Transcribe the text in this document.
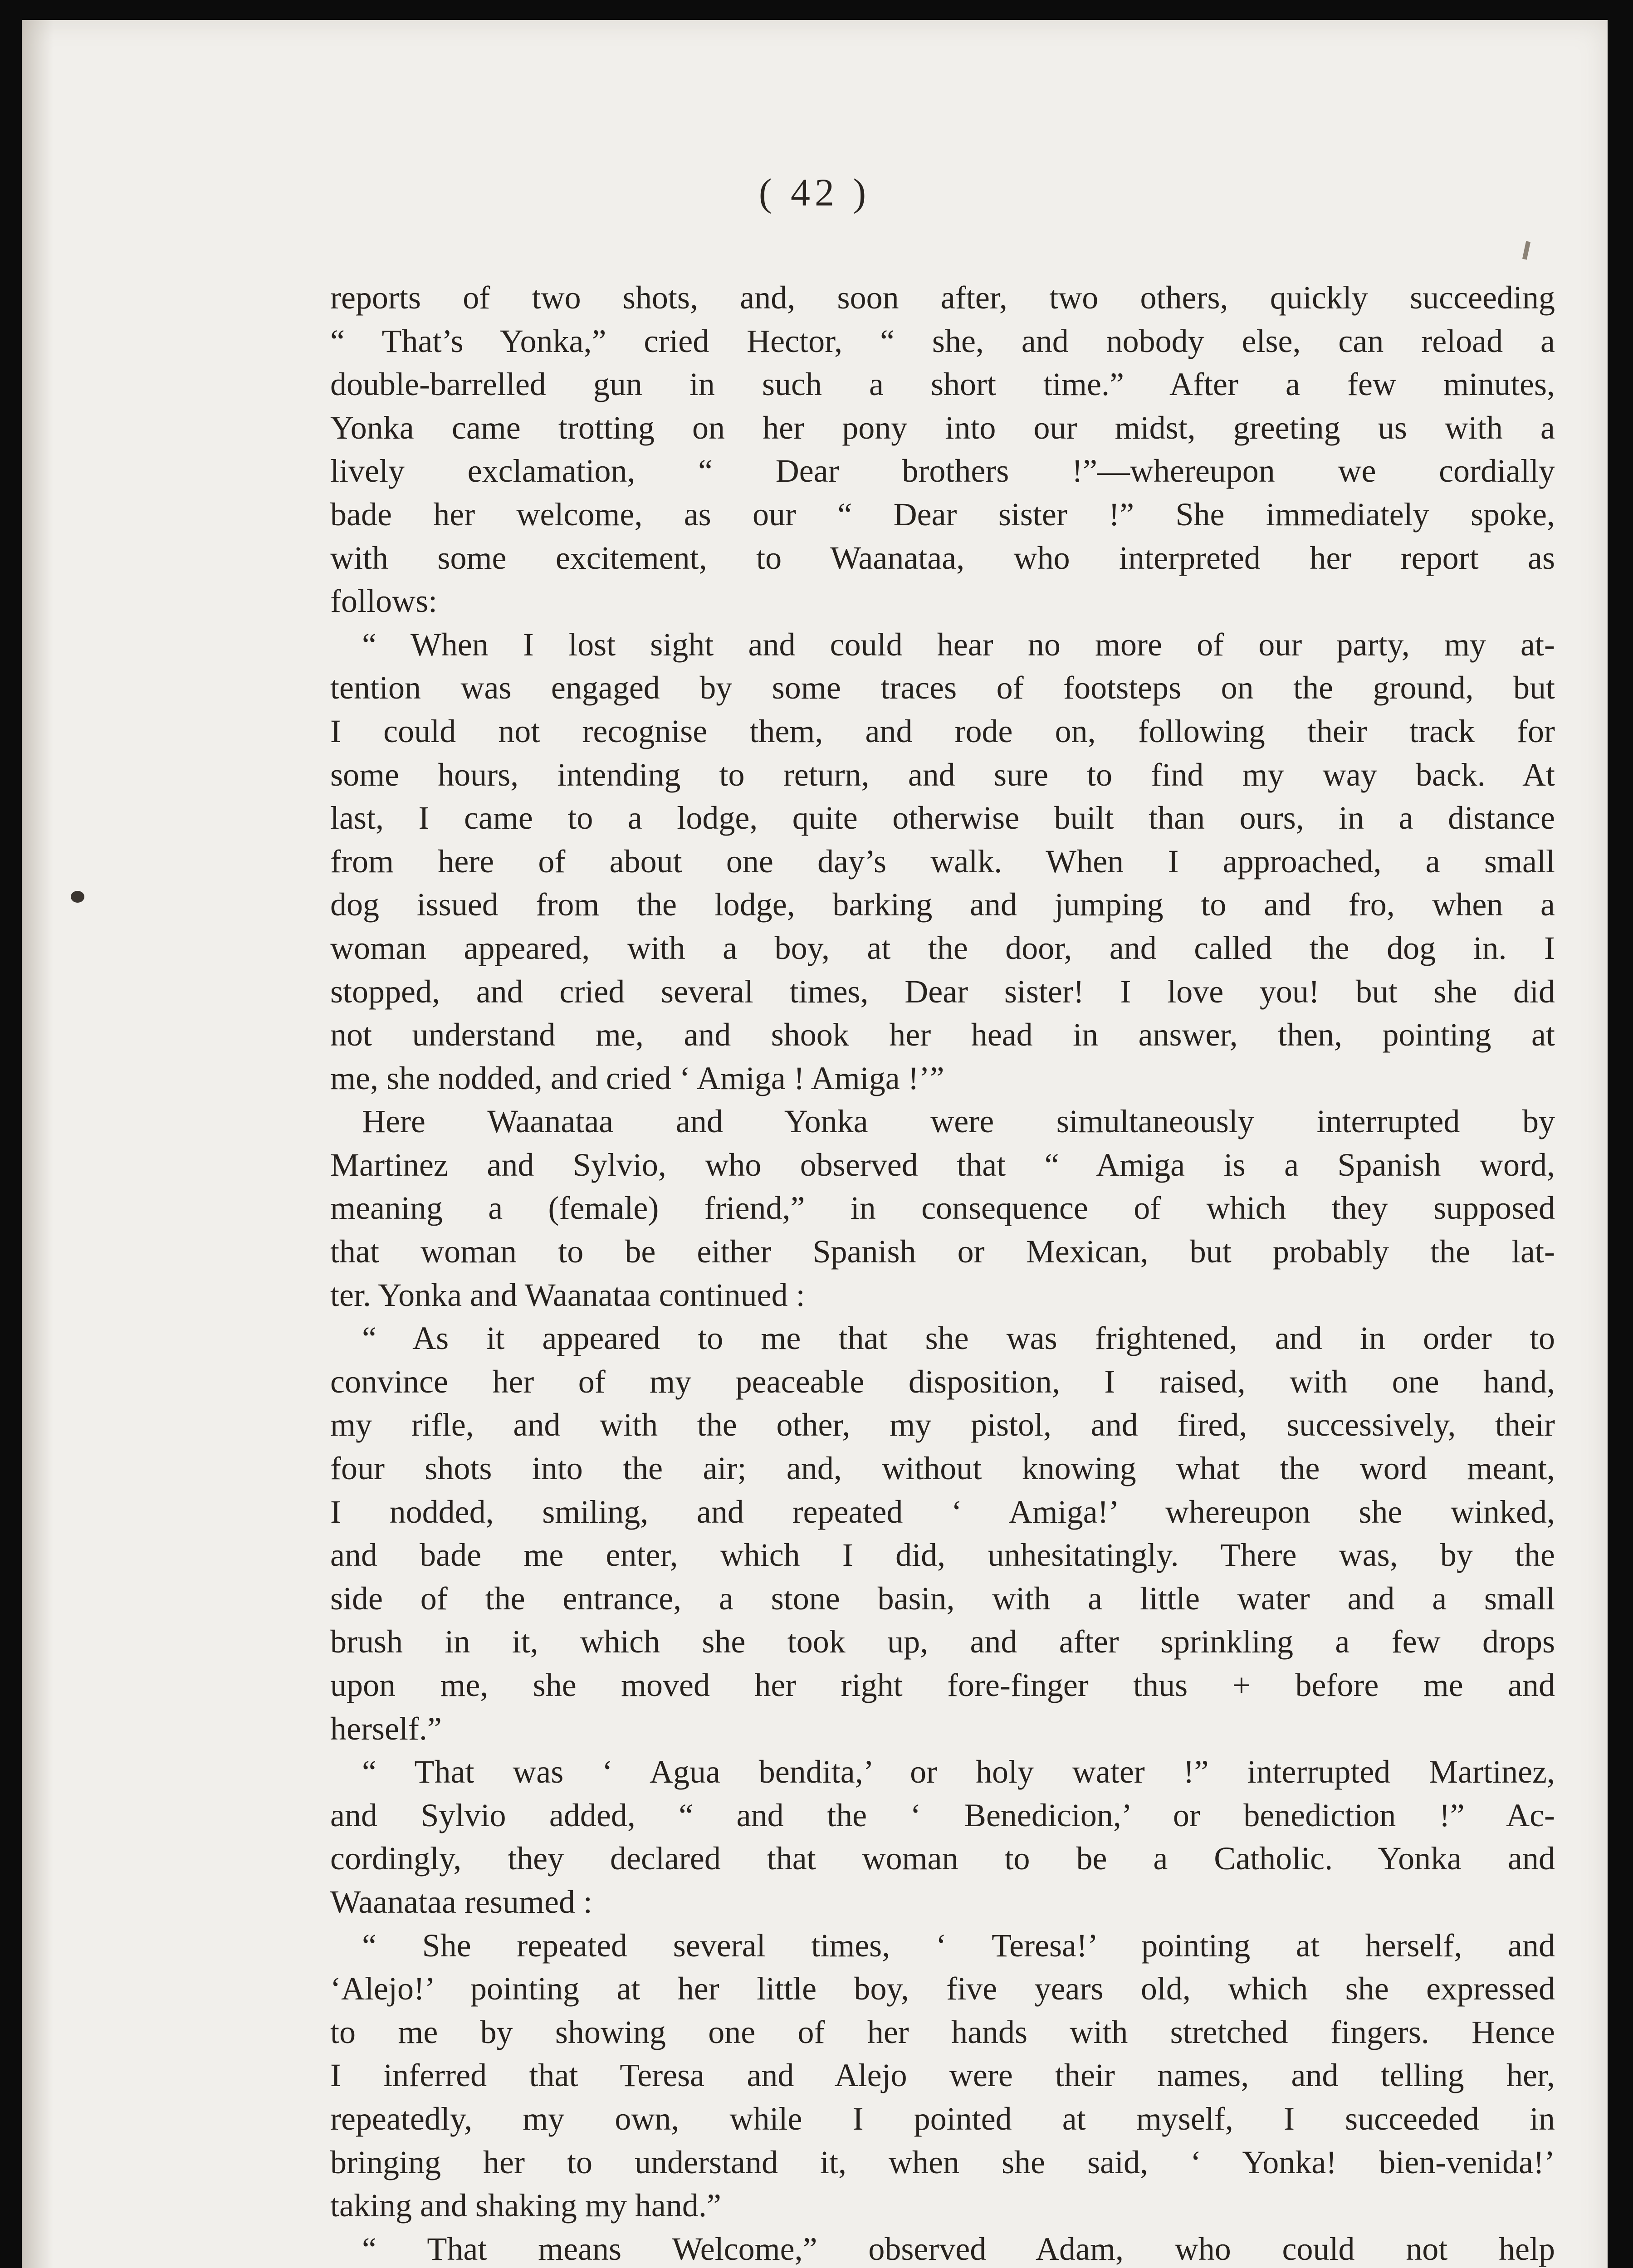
( 42 )
reports of two shots, and, soon after, two others, quickly succeeding
“ That’s Yonka,” cried Hector, “ she, and nobody else, can reload a
double-barrelled gun in such a short time.” After a few minutes,
Yonka came trotting on her pony into our midst, greeting us with a
lively exclamation, “ Dear brothers !”—whereupon we cordially
bade her welcome, as our “ Dear sister !” She immediately spoke,
with some excitement, to Waanataa, who interpreted her report as
follows:
“ When I lost sight and could hear no more of our party, my at-
tention was engaged by some traces of footsteps on the ground, but
I could not recognise them, and rode on, following their track for
some hours, intending to return, and sure to find my way back. At
last, I came to a lodge, quite otherwise built than ours, in a distance
from here of about one day’s walk. When I approached, a small
dog issued from the lodge, barking and jumping to and fro, when a
woman appeared, with a boy, at the door, and called the dog in. I
stopped, and cried several times, Dear sister! I love you! but she did
not understand me, and shook her head in answer, then, pointing at
me, she nodded, and cried ‘ Amiga ! Amiga !’”
Here Waanataa and Yonka were simultaneously interrupted by
Martinez and Sylvio, who observed that “ Amiga is a Spanish word,
meaning a (female) friend,” in consequence of which they supposed
that woman to be either Spanish or Mexican, but probably the lat-
ter. Yonka and Waanataa continued :
“ As it appeared to me that she was frightened, and in order to
convince her of my peaceable disposition, I raised, with one hand,
my rifle, and with the other, my pistol, and fired, successively, their
four shots into the air; and, without knowing what the word meant,
I nodded, smiling, and repeated ‘ Amiga!’ whereupon she winked,
and bade me enter, which I did, unhesitatingly. There was, by the
side of the entrance, a stone basin, with a little water and a small
brush in it, which she took up, and after sprinkling a few drops
upon me, she moved her right fore-finger thus + before me and
herself.”
“ That was ‘ Agua bendita,’ or holy water !” interrupted Martinez,
and Sylvio added, “ and the ‘ Benedicion,’ or benediction !” Ac-
cordingly, they declared that woman to be a Catholic. Yonka and
Waanataa resumed :
“ She repeated several times, ‘ Teresa!’ pointing at herself, and
‘Alejo!’ pointing at her little boy, five years old, which she expressed
to me by showing one of her hands with stretched fingers. Hence
I inferred that Teresa and Alejo were their names, and telling her,
repeatedly, my own, while I pointed at myself, I succeeded in
bringing her to understand it, when she said, ‘ Yonka! bien-venida!’
taking and shaking my hand.”
“ That means Welcome,” observed Adam, who could not help
